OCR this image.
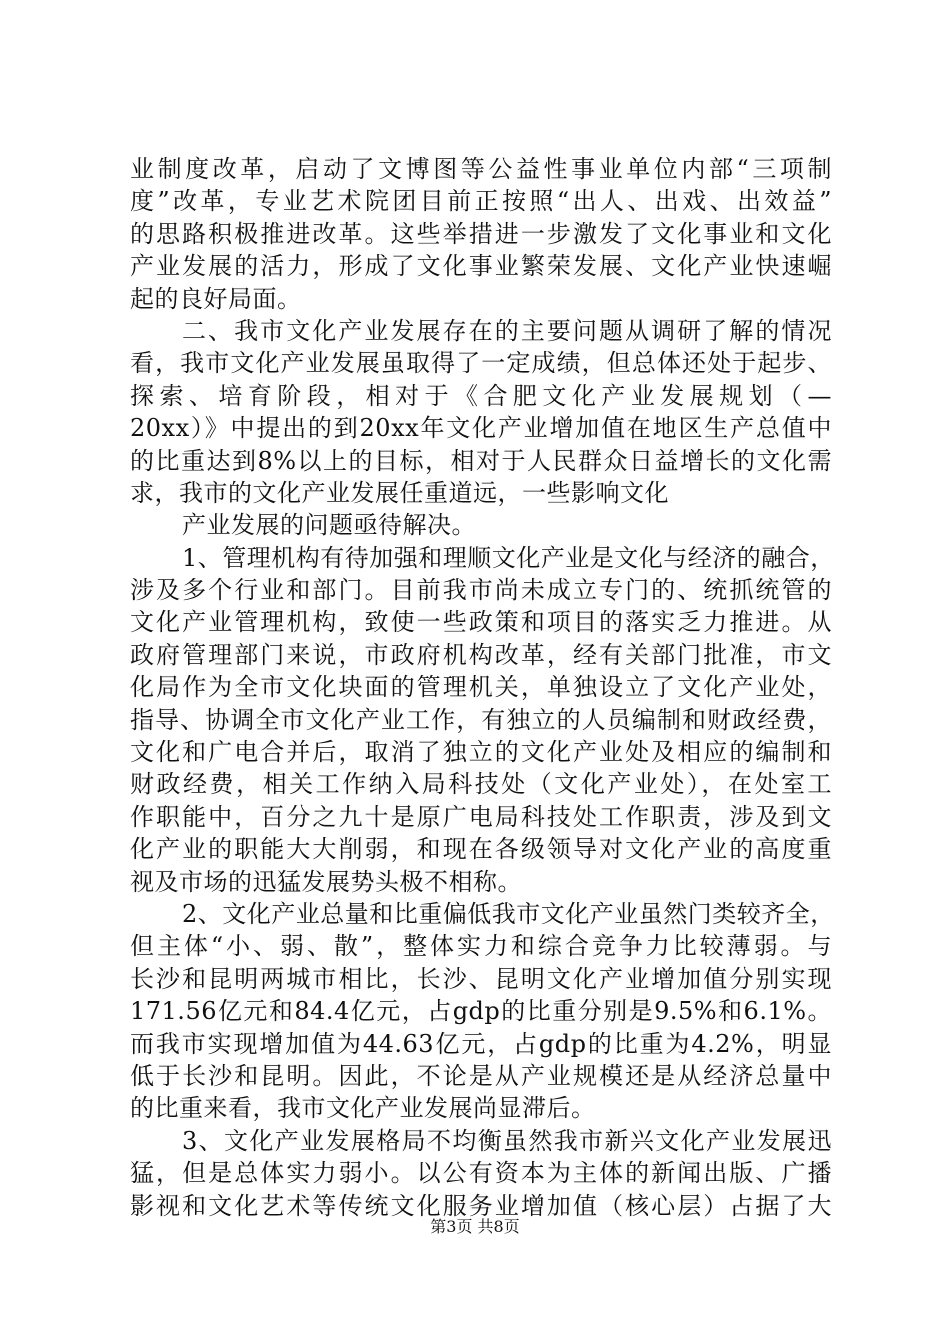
业制度改革，启动了文博图等公益性事业单位内部“三项制
度”改革，专业艺术院团目前正按照“出人、出戏、出效益”
的思路积极推进改革。这些举措进一步激发了文化事业和文化
产业发展的活力，形成了文化事业繁荣发展、文化产业快速崛
起的良好局面。
二、我市文化产业发展存在的主要问题从调研了解的情况
看，我市文化产业发展虽取得了一定成绩，但总体还处于起步、
探索、培育阶段，相对于《合肥文化产业发展规划（—
20xx）》中提出的到20xx年文化产业增加值在地区生产总值中
的比重达到8%以上的目标，相对于人民群众日益增长的文化需
求，我市的文化产业发展任重道远，一些影响文化
产业发展的问题亟待解决。
1、管理机构有待加强和理顺文化产业是文化与经济的融合，
涉及多个行业和部门。目前我市尚未成立专门的、统抓统管的
文化产业管理机构，致使一些政策和项目的落实乏力推进。从
政府管理部门来说，市政府机构改革，经有关部门批准，市文
化局作为全市文化块面的管理机关，单独设立了文化产业处，
指导、协调全市文化产业工作，有独立的人员编制和财政经费，
文化和广电合并后，取消了独立的文化产业处及相应的编制和
财政经费，相关工作纳入局科技处（文化产业处），在处室工
作职能中，百分之九十是原广电局科技处工作职责，涉及到文
化产业的职能大大削弱，和现在各级领导对文化产业的高度重
视及市场的迅猛发展势头极不相称。
2、文化产业总量和比重偏低我市文化产业虽然门类较齐全，
但主体“小、弱、散”，整体实力和综合竞争力比较薄弱。与
长沙和昆明两城市相比，长沙、昆明文化产业增加值分别实现
171.56亿元和84.4亿元，占gdp的比重分别是9.5%和6.1%。
而我市实现增加值为44.63亿元，占gdp的比重为4.2%，明显
低于长沙和昆明。因此，不论是从产业规模还是从经济总量中
的比重来看，我市文化产业发展尚显滞后。
3、文化产业发展格局不均衡虽然我市新兴文化产业发展迅
猛，但是总体实力弱小。以公有资本为主体的新闻出版、广播
影视和文化艺术等传统文化服务业增加值（核心层）占据了大
第3页 共8页
